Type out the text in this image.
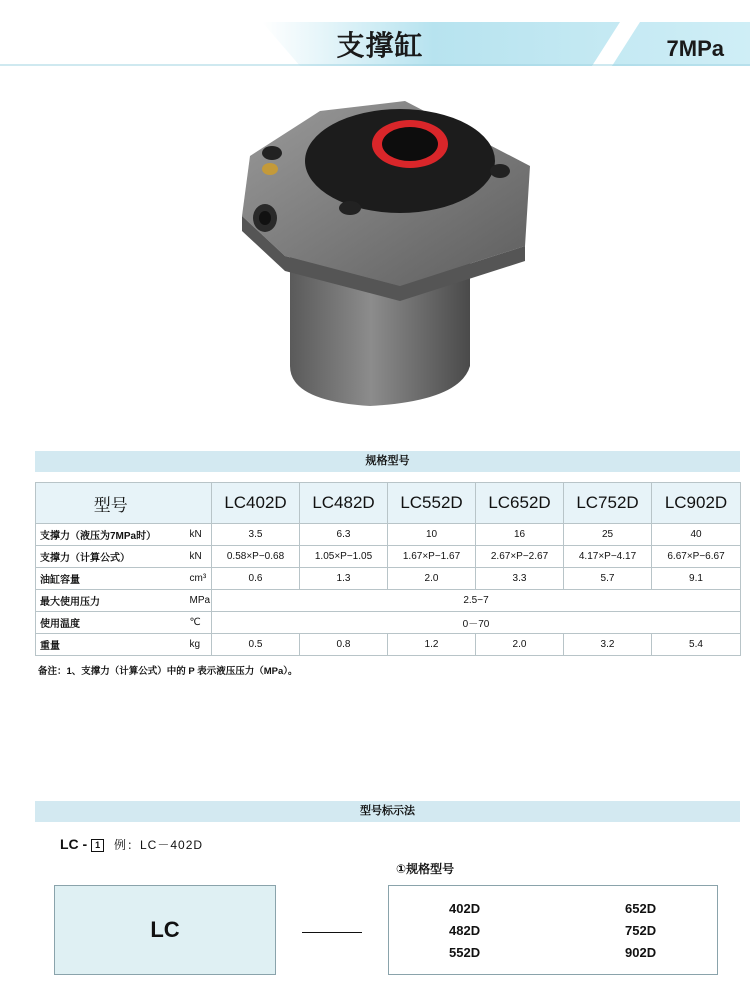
支撑缸	7MPa
规格型号
型号		LC402D	LC482D	LC552D	LC652D	LC752D	LC902D
支撑力（液压为7MPa时）	kN	3.5	6.3	10	16	25	40
支撑力（计算公式）	kN	0.58×P−0.68	1.05×P−1.05	1.67×P−1.67	2.67×P−2.67	4.17×P−4.17	6.67×P−6.67
油缸容量	cm³	0.6	1.3	2.0	3.3	5.7	9.1
最大使用压力	MPa	2.5−7					
使用温度	℃	0－70					
重量	kg	0.5	0.8	1.2	2.0	3.2	5.4
备注：1、支撑力（计算公式）中的 P 表示液压压力（MPa）。
型号标示法
LC - 1 例：LC－402D
①规格型号
LC
402D
482D
552D
652D
752D
902D
